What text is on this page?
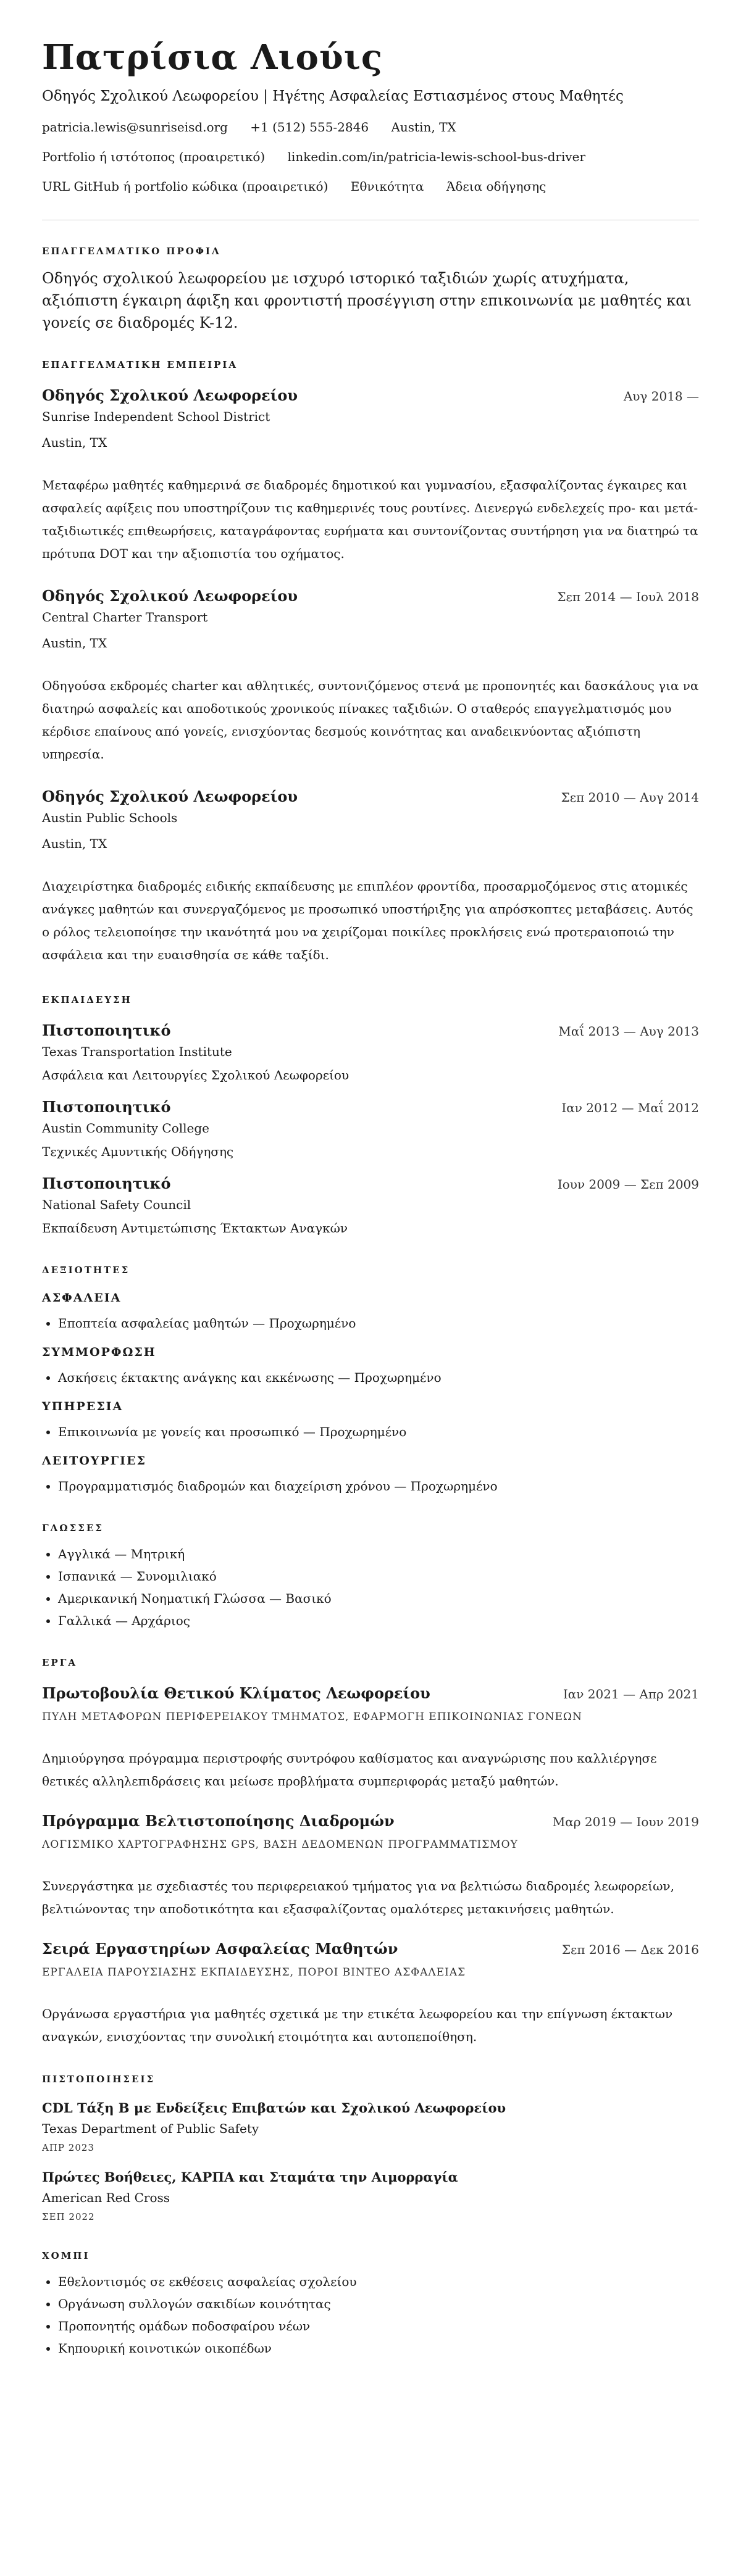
Πατρίσια Λιούις
Οδηγός Σχολικού Λεωφορείου | Ηγέτης Ασφαλείας Εστιασμένος στους Μαθητές
patricia.lewis@sunriseisd.org +1 (512) 555-2846 Austin, TX
Portfolio ή ιστότοπος (προαιρετικό) linkedin.com/in/patricia-lewis-school-bus-driver
URL GitHub ή portfolio κώδικα (προαιρετικό) Εθνικότητα Άδεια οδήγησης
ΕΠΑΓΓΕΛΜΑΤΙΚΟ ΠΡΟΦΙΛ
Οδηγός σχολικού λεωφορείου με ισχυρό ιστορικό ταξιδιών χωρίς ατυχήματα, αξιόπιστη έγκαιρη άφιξη και φροντιστή προσέγγιση στην επικοινωνία με μαθητές και γονείς σε διαδρομές K-12.
ΕΠΑΓΓΕΛΜΑΤΙΚΗ ΕΜΠΕΙΡΙΑ
Οδηγός Σχολικού Λεωφορείου	Αυγ 2018 —
Sunrise Independent School District
Austin, TX
Μεταφέρω μαθητές καθημερινά σε διαδρομές δημοτικού και γυμνασίου, εξασφαλίζοντας έγκαιρες και ασφαλείς αφίξεις που υποστηρίζουν τις καθημερινές τους ρουτίνες. Διενεργώ ενδελεχείς προ- και μετά-ταξιδιωτικές επιθεωρήσεις, καταγράφοντας ευρήματα και συντονίζοντας συντήρηση για να διατηρώ τα πρότυπα DOT και την αξιοπιστία του οχήματος.
Οδηγός Σχολικού Λεωφορείου	Σεπ 2014 — Ιουλ 2018
Central Charter Transport
Austin, TX
Οδηγούσα εκδρομές charter και αθλητικές, συντονιζόμενος στενά με προπονητές και δασκάλους για να διατηρώ ασφαλείς και αποδοτικούς χρονικούς πίνακες ταξιδιών. Ο σταθερός επαγγελματισμός μου κέρδισε επαίνους από γονείς, ενισχύοντας δεσμούς κοινότητας και αναδεικνύοντας αξιόπιστη υπηρεσία.
Οδηγός Σχολικού Λεωφορείου	Σεπ 2010 — Αυγ 2014
Austin Public Schools
Austin, TX
Διαχειρίστηκα διαδρομές ειδικής εκπαίδευσης με επιπλέον φροντίδα, προσαρμοζόμενος στις ατομικές ανάγκες μαθητών και συνεργαζόμενος με προσωπικό υποστήριξης για απρόσκοπτες μεταβάσεις. Αυτός ο ρόλος τελειοποίησε την ικανότητά μου να χειρίζομαι ποικίλες προκλήσεις ενώ προτεραιοποιώ την ασφάλεια και την ευαισθησία σε κάθε ταξίδι.
ΕΚΠΑΙΔΕΥΣΗ
Πιστοποιητικό	Μαΐ 2013 — Αυγ 2013
Texas Transportation Institute
Ασφάλεια και Λειτουργίες Σχολικού Λεωφορείου
Πιστοποιητικό	Ιαν 2012 — Μαΐ 2012
Austin Community College
Τεχνικές Αμυντικής Οδήγησης
Πιστοποιητικό	Ιουν 2009 — Σεπ 2009
National Safety Council
Εκπαίδευση Αντιμετώπισης Έκτακτων Αναγκών
ΔΕΞΙΟΤΗΤΕΣ
ΑΣΦΑΛΕΙΑ
• Εποπτεία ασφαλείας μαθητών — Προχωρημένο
ΣΥΜΜΟΡΦΩΣΗ
• Ασκήσεις έκτακτης ανάγκης και εκκένωσης — Προχωρημένο
ΥΠΗΡΕΣΙΑ
• Επικοινωνία με γονείς και προσωπικό — Προχωρημένο
ΛΕΙΤΟΥΡΓΙΕΣ
• Προγραμματισμός διαδρομών και διαχείριση χρόνου — Προχωρημένο
ΓΛΩΣΣΕΣ
• Αγγλικά — Μητρική
• Ισπανικά — Συνομιλιακό
• Αμερικανική Νοηματική Γλώσσα — Βασικό
• Γαλλικά — Αρχάριος
ΕΡΓΑ
Πρωτοβουλία Θετικού Κλίματος Λεωφορείου	Ιαν 2021 — Απρ 2021
ΠΥΛΗ ΜΕΤΑΦΟΡΩΝ ΠΕΡΙΦΕΡΕΙΑΚΟΥ ΤΜΗΜΑΤΟΣ, ΕΦΑΡΜΟΓΗ ΕΠΙΚΟΙΝΩΝΙΑΣ ΓΟΝΕΩΝ
Δημιούργησα πρόγραμμα περιστροφής συντρόφου καθίσματος και αναγνώρισης που καλλιέργησε θετικές αλληλεπιδράσεις και μείωσε προβλήματα συμπεριφοράς μεταξύ μαθητών.
Πρόγραμμα Βελτιστοποίησης Διαδρομών	Μαρ 2019 — Ιουν 2019
ΛΟΓΙΣΜΙΚΟ ΧΑΡΤΟΓΡΑΦΗΣΗΣ GPS, ΒΑΣΗ ΔΕΔΟΜΕΝΩΝ ΠΡΟΓΡΑΜΜΑΤΙΣΜΟΥ
Συνεργάστηκα με σχεδιαστές του περιφερειακού τμήματος για να βελτιώσω διαδρομές λεωφορείων, βελτιώνοντας την αποδοτικότητα και εξασφαλίζοντας ομαλότερες μετακινήσεις μαθητών.
Σειρά Εργαστηρίων Ασφαλείας Μαθητών	Σεπ 2016 — Δεκ 2016
ΕΡΓΑΛΕΙΑ ΠΑΡΟΥΣΙΑΣΗΣ ΕΚΠΑΙΔΕΥΣΗΣ, ΠΟΡΟΙ ΒΙΝΤΕΟ ΑΣΦΑΛΕΙΑΣ
Οργάνωσα εργαστήρια για μαθητές σχετικά με την ετικέτα λεωφορείου και την επίγνωση έκτακτων αναγκών, ενισχύοντας την συνολική ετοιμότητα και αυτοπεποίθηση.
ΠΙΣΤΟΠΟΙΗΣΕΙΣ
CDL Τάξη B με Ενδείξεις Επιβατών και Σχολικού Λεωφορείου
Texas Department of Public Safety
ΑΠΡ 2023
Πρώτες Βοήθειες, ΚΑΡΠΑ και Σταμάτα την Αιμορραγία
American Red Cross
ΣΕΠ 2022
ΧΟΜΠΙ
• Εθελοντισμός σε εκθέσεις ασφαλείας σχολείου
• Οργάνωση συλλογών σακιδίων κοινότητας
• Προπονητής ομάδων ποδοσφαίρου νέων
• Κηπουρική κοινοτικών οικοπέδων
